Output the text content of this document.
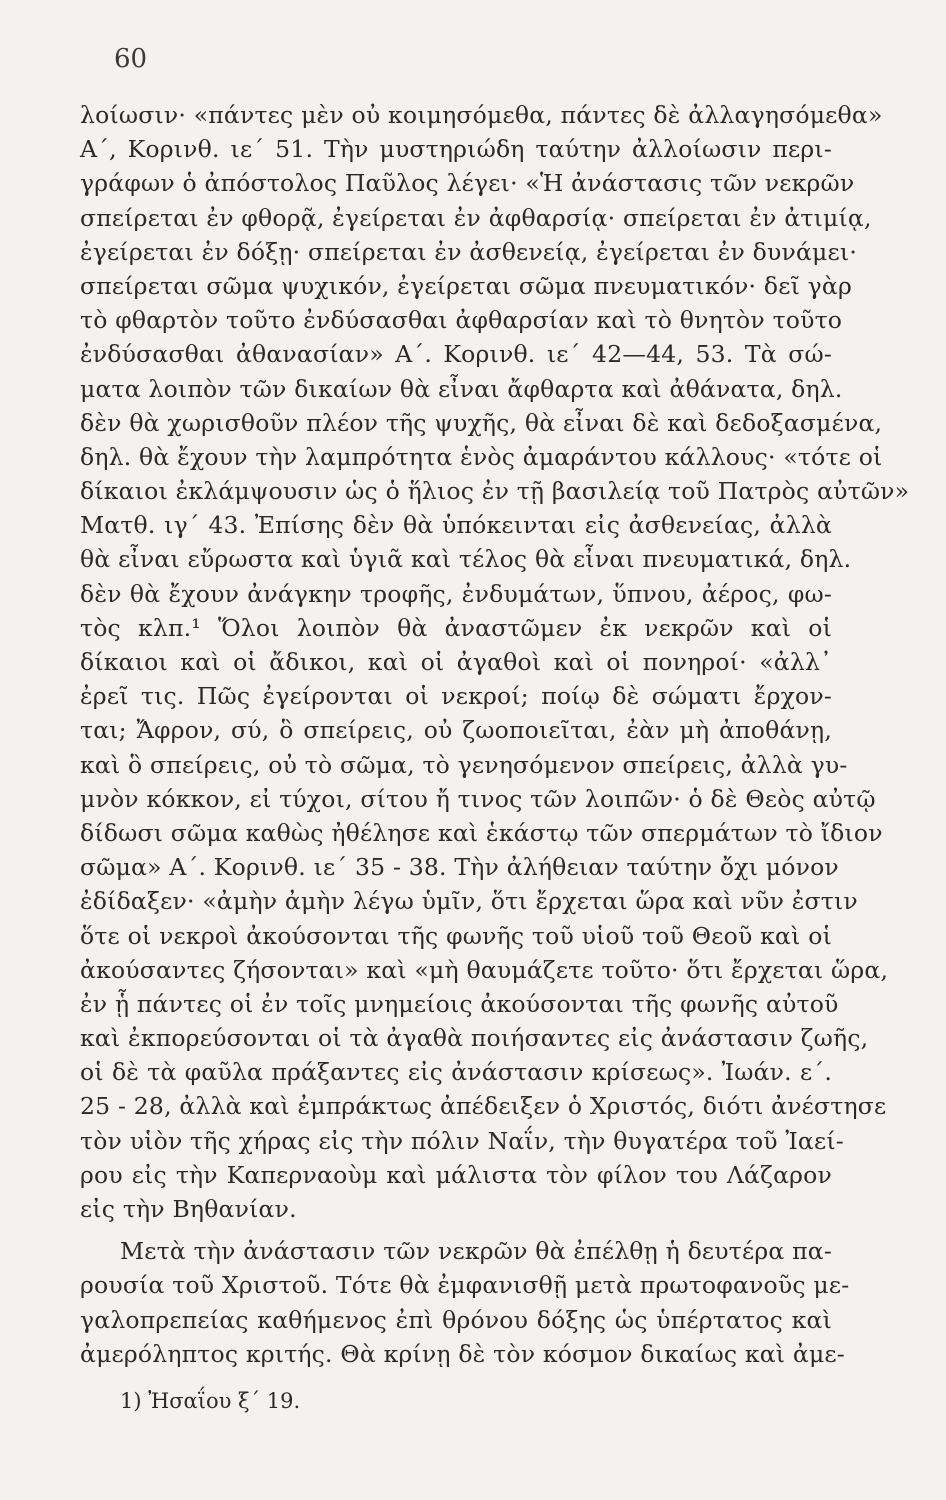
60
λοίωσιν· «πάντες μὲν οὐ κοιμησόμεθα, πάντες δὲ ἀλλαγησόμεθα»
Α΄, Κορινθ. ιε΄ 51. Τὴν μυστηριώδη ταύτην ἀλλοίωσιν περι-
γράφων ὁ ἀπόστολος Παῦλος λέγει· «Ἡ ἀνάστασις τῶν νεκρῶν
σπείρεται ἐν φθορᾷ, ἐγείρεται ἐν ἀφθαρσίᾳ· σπείρεται ἐν ἀτιμίᾳ,
ἐγείρεται ἐν δόξῃ· σπείρεται ἐν ἀσθενείᾳ, ἐγείρεται ἐν δυνάμει·
σπείρεται σῶμα ψυχικόν, ἐγείρεται σῶμα πνευματικόν· δεῖ γὰρ
τὸ φθαρτὸν τοῦτο ἐνδύσασθαι ἀφθαρσίαν καὶ τὸ θνητὸν τοῦτο
ἐνδύσασθαι ἀθανασίαν» Α΄. Κορινθ. ιε΄ 42—44, 53. Τὰ σώ-
ματα λοιπὸν τῶν δικαίων θὰ εἶναι ἄφθαρτα καὶ ἀθάνατα, δηλ.
δὲν θὰ χωρισθοῦν πλέον τῆς ψυχῆς, θὰ εἶναι δὲ καὶ δεδοξασμένα,
δηλ. θὰ ἔχουν τὴν λαμπρότητα ἑνὸς ἀμαράντου κάλλους· «τότε οἱ
δίκαιοι ἐκλάμψουσιν ὡς ὁ ἥλιος ἐν τῇ βασιλείᾳ τοῦ Πατρὸς αὐτῶν»
Ματθ. ιγ΄ 43. Ἐπίσης δὲν θὰ ὑπόκεινται εἰς ἀσθενείας, ἀλλὰ
θὰ εἶναι εὔρωστα καὶ ὑγιᾶ καὶ τέλος θὰ εἶναι πνευματικά, δηλ.
δὲν θὰ ἔχουν ἀνάγκην τροφῆς, ἐνδυμάτων, ὕπνου, ἀέρος, φω-
τὸς κλπ.¹ Ὅλοι λοιπὸν θὰ ἀναστῶμεν ἐκ νεκρῶν καὶ οἱ
δίκαιοι καὶ οἱ ἄδικοι, καὶ οἱ ἀγαθοὶ καὶ οἱ πονηροί· «ἀλλ᾽
ἐρεῖ τις. Πῶς ἐγείρονται οἱ νεκροί; ποίῳ δὲ σώματι ἔρχον-
ται; Ἄφρον, σύ, ὃ σπείρεις, οὐ ζωοποιεῖται, ἐὰν μὴ ἀποθάνῃ,
καὶ ὃ σπείρεις, οὐ τὸ σῶμα, τὸ γενησόμενον σπείρεις, ἀλλὰ γυ-
μνὸν κόκκον, εἰ τύχοι, σίτου ἤ τινος τῶν λοιπῶν· ὁ δὲ Θεὸς αὐτῷ
δίδωσι σῶμα καθὼς ἠθέλησε καὶ ἑκάστῳ τῶν σπερμάτων τὸ ἴδιον
σῶμα» Α΄. Κορινθ. ιε΄ 35 - 38. Τὴν ἀλήθειαν ταύτην ὄχι μόνον
ἐδίδαξεν· «ἀμὴν ἀμὴν λέγω ὑμῖν, ὅτι ἔρχεται ὥρα καὶ νῦν ἐστιν
ὅτε οἱ νεκροὶ ἀκούσονται τῆς φωνῆς τοῦ υἱοῦ τοῦ Θεοῦ καὶ οἱ
ἀκούσαντες ζήσονται» καὶ «μὴ θαυμάζετε τοῦτο· ὅτι ἔρχεται ὥρα,
ἐν ᾗ πάντες οἱ ἐν τοῖς μνημείοις ἀκούσονται τῆς φωνῆς αὐτοῦ
καὶ ἐκπορεύσονται οἱ τὰ ἀγαθὰ ποιήσαντες εἰς ἀνάστασιν ζωῆς,
οἱ δὲ τὰ φαῦλα πράξαντες εἰς ἀνάστασιν κρίσεως». Ἰωάν. ε΄.
25 - 28, ἀλλὰ καὶ ἐμπράκτως ἀπέδειξεν ὁ Χριστός, διότι ἀνέστησε
τὸν υἱὸν τῆς χήρας εἰς τὴν πόλιν Ναΐν, τὴν θυγατέρα τοῦ Ἰαεί-
ρου εἰς τὴν Καπερναοὺμ καὶ μάλιστα τὸν φίλον του Λάζαρον
εἰς τὴν Βηθανίαν.
Μετὰ τὴν ἀνάστασιν τῶν νεκρῶν θὰ ἐπέλθῃ ἡ δευτέρα πα-
ρουσία τοῦ Χριστοῦ. Τότε θὰ ἐμφανισθῇ μετὰ πρωτοφανοῦς με-
γαλοπρεπείας καθήμενος ἐπὶ θρόνου δόξης ὡς ὑπέρτατος καὶ
ἀμερόληπτος κριτής. Θὰ κρίνῃ δὲ τὸν κόσμον δικαίως καὶ ἀμε-
1) Ἠσαΐου ξ΄ 19.
